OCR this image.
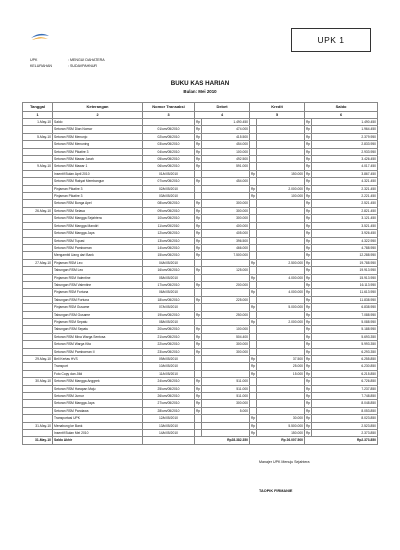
UPK 1
UPK	: MENGUI DAHATERA
KELURAHAN	: SUDAVPAHNUR
BUKU KAS HARIAN
Bulan: Mei 2010
Tanggal	Keterangan	Nomor Transaksi	Debet		Kredit		Saldo	
1	2	3	4		5		6	
1-May-10	Saldo		Rp	1.490.450			Rp	1.490.450
	Setoran RSM Dian Nomor	01/um/05/2010	Rp	474.000			Rp	1.964.450
5-May-10	Setoran RSM Menunjo	02/um/05/2010	Rp	415.500			Rp	2.379.950
	Setoran RSM Menuning	03/um/05/2010	Rp	454.000			Rp	2.833.950
	Setoran RSM Pikatire 3	04/um/05/2010	Rp	100.000			Rp	2.933.950
	Setoran RSM Mawar Jarah	05/um/05/2010	Rp	492.500			Rp	3.426.450
9-May-10	Setoran RSM Mawar 1	06/um/05/2010	Rp	591.000			Rp	4.017.450
	Insentif Bulan April 2010	01/k/05/2010			Rp	150.000	Rp	3.867.450
	Setoran RSM Rakyat Membangun	07/um/05/2010	Rp	454.000			Rp	4.321.450
	Pinjaman Pikatire 3	02/k/05/2010			Rp	2.000.000	Rp	2.321.450
	Pinjaman Pikatire 3	03/k/05/2010			Rp	100.000	Rp	2.221.450
	Setoran RSM Bunga Apel	08/um/05/2010	Rp	300.000			Rp	2.521.450
26-May-10	Setoran RSM Selasa	09/um/05/2010	Rp	300.000			Rp	2.821.450
	Setoran RSM Mangga Sejahtera	10/um/05/2010	Rp	300.000			Rp	3.121.450
	Setoran RSM Mangga Mandiri	11/um/05/2010	Rp	400.000			Rp	3.521.450
	Setoran RSM Mangga Jaya	12/um/05/2010	Rp	405.000			Rp	3.926.450
	Setoran RSM Tupasi	13/um/05/2010	Rp	396.500			Rp	4.322.950
	Setoran RSM Pamboeran	14/um/05/2010	Rp	466.000			Rp	4.788.950
	Mengambil Uang dari Bank	15/um/05/2010	Rp	7.500.000			Rp	12.288.950
27-May-10	Pinjaman RSM Leo	04/k/05/2010			Rp	2.500.000	Rp	19.788.950
	Tabungan RSM Leo	16/um/05/2010	Rp	125.000			Rp	19.913.950
	Pinjaman RSM Valentine	05/k/05/2010			Rp	4.000.000	Rp	15.913.950
	Tabungan RSM Valentine	17/um/05/2010	Rp	200.000			Rp	16.113.950
	Pinjaman RSM Fortuna	06/k/05/2010			Rp	4.000.000	Rp	11.613.950
	Tabungan RSM Fortuna	18/um/05/2010	Rp	225.000			Rp	11.838.950
	Pinjaman RSM Gusame	07/k/05/2010			Rp	5.000.000	Rp	6.838.950
	Tabungan RSM Gusame	19/um/05/2010	Rp	250.000			Rp	7.088.950
	Pinjaman RSM Sepatu	08/k/05/2010			Rp	2.000.000	Rp	5.088.950
	Tabungan RSM Sepatu	20/um/05/2010	Rp	100.000			Rp	5.188.950
	Setoran RSM Mina Warga Sentosa	21/um/05/2010	Rp	504.400			Rp	5.693.350
	Setoran RSM Warga Kita	22/um/05/2010	Rp	300.000			Rp	5.993.350
	Setoran RSM Pamboeran II	23/um/05/2010	Rp	300.000			Rp	6.293.350
29-May-10	Beli Kertas HVS	09/k/05/2010			Rp	37.500	Rp	6.255.850
	Transport	10/k/05/2010			Rp	25.000	Rp	6.230.850
	Foto Copy dan Jilid	11/k/05/2010			Rp	15.000	Rp	6.215.850
30-May-10	Setoran RSM Mangga Anggrek	24/um/05/2010	Rp	511.000			Rp	6.726.850
	Setoran RSM Harapan Maju	25/um/05/2010	Rp	511.000			Rp	7.237.850
	Setoran RSM Jumur	26/um/05/2010	Rp	511.000			Rp	7.748.850
	Setoran RSM Mangga Jaya	27/um/05/2010	Rp	300.000			Rp	8.048.850
	Setoran RSM Pandawa	28/um/05/2010	Rp	5.000			Rp	8.053.850
	Transportasi UPK	12/k/05/2010			Rp	30.000	Rp	8.023.850
31-May-10	Menabung ke Bank	13/k/05/2010			Rp	5.500.000	Rp	2.523.850
	Insentif Bulan Mei 2010	14/k/05/2010			Rp	150.000	Rp	2.373.850
31-May-10	Saldo Akhir		Rp28.382.350		Rp 26.007.500		Rp2.373.850	
Manajer UPK Menuju Sejahtera
TAOPIK FIRMANIE
